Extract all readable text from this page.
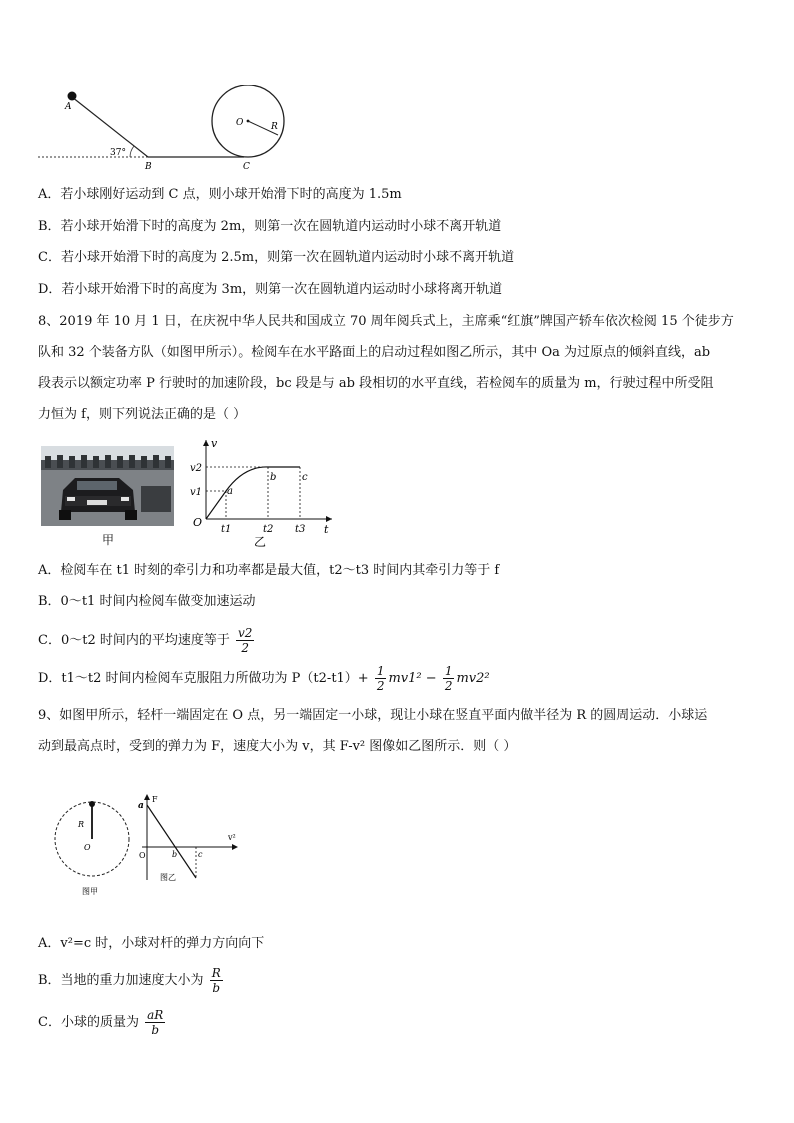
A
B	C
O	R
37°
A．若小球刚好运动到 C 点，则小球开始滑下时的高度为 1.5m
B．若小球开始滑下时的高度为 2m，则第一次在圆轨道内运动时小球不离开轨道
C．若小球开始滑下时的高度为 2.5m，则第一次在圆轨道内运动时小球不离开轨道
D．若小球开始滑下时的高度为 3m，则第一次在圆轨道内运动时小球将离开轨道
8、2019 年 10 月 1 日，在庆祝中华人民共和国成立 70 周年阅兵式上，主席乘“红旗”牌国产轿车依次检阅 15 个徒步方
队和 32 个装备方队（如图甲所示）。检阅车在水平路面上的启动过程如图乙所示，其中 Oa 为过原点的倾斜直线，ab
段表示以额定功率 P 行驶时的加速阶段，bc 段是与 ab 段相切的水平直线，若检阅车的质量为 m，行驶过程中所受阻
力恒为 f，则下列说法正确的是（ ）
甲
v
t
O
v2
v1
t1	t2 t3
a
b	c
乙
A．检阅车在 t1 时刻的牵引力和功率都是最大值，t2～t3 时间内其牵引力等于 f
B．0～t1 时间内检阅车做变加速运动
C．0～t2 时间内的平均速度等于 $\frac{v2}{2}$
D．t1～t2 时间内检阅车克服阻力所做功为 $P(t2-t1)+ \frac{1}{2} mv1^2 - \frac{1}{2} mv2^2$
9、如图甲所示，轻杆一端固定在 O 点，另一端固定一小球，现让小球在竖直平面内做半径为 R 的圆周运动．小球运
动到最高点时，受到的弹力为 F，速度大小为 v，其 F-v² 图像如乙图所示．则（ ）
R
O
图甲
a
F
v²
O	b	c
图乙
A．v²=c 时，小球对杆的弹力方向向下
B．当地的重力加速度大小为 $\frac{R}{b}$
C．小球的质量为 $\frac{aR}{b}$
